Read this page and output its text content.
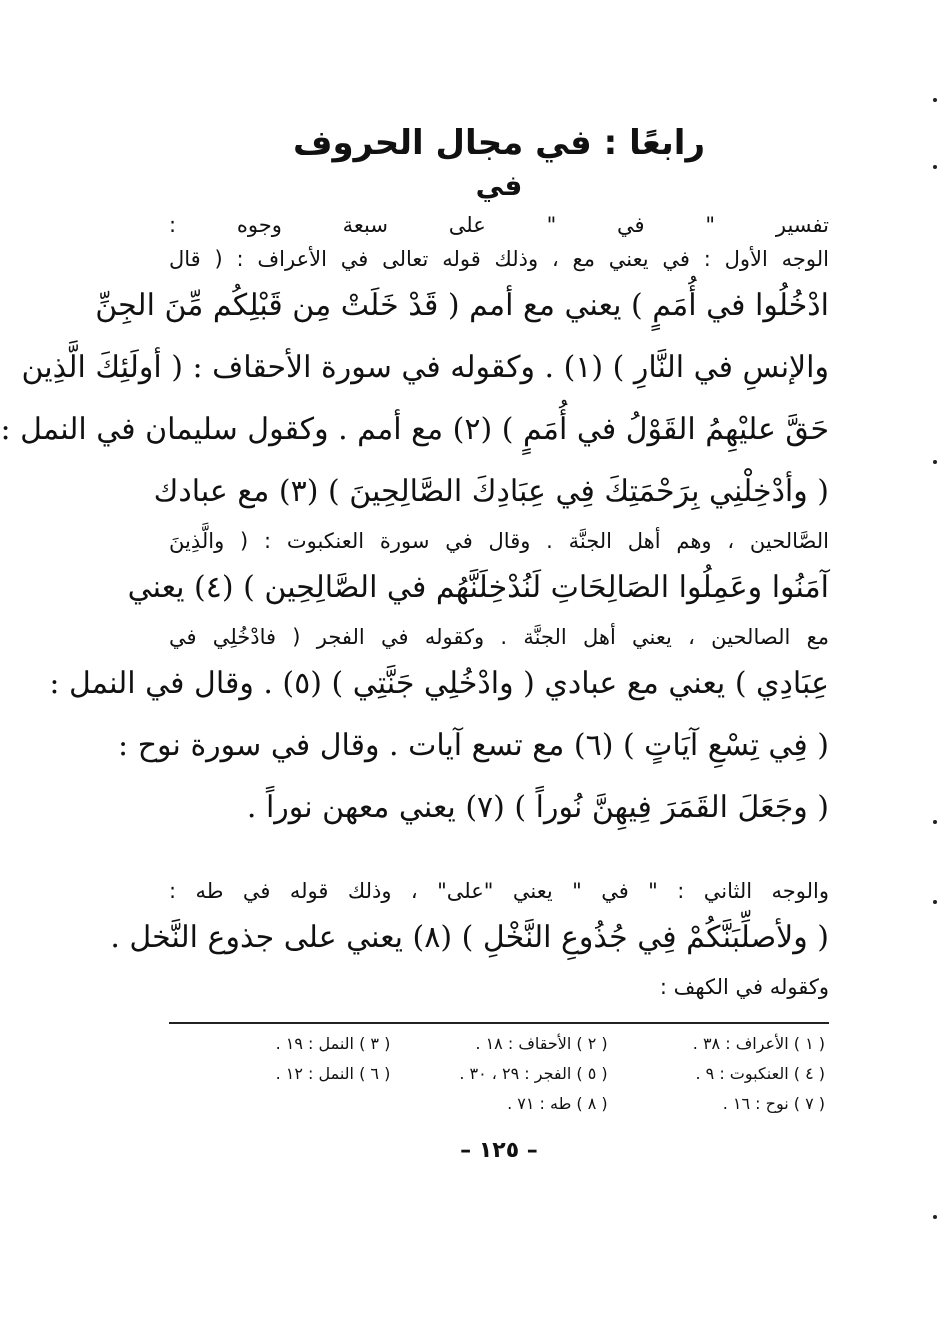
رابعًا : في مجال الحروف
في

تفسير " في " على سبعة وجوه :

الوجه الأول : في يعني مع ، وذلك قوله تعالى في الأعراف : ( قال

ادْخُلُوا في أُمَمٍ ) يعني مع أمم ( قَدْ خَلَتْ مِن قَبْلِكُم مِّنَ الجِنِّ

والإنسِ في النَّارِ ) (١) . وكقوله في سورة الأحقاف : ( أولَئِكَ الَّذِين

حَقَّ عليْهِمُ القَوْلُ في أُمَمٍ ) (٢) مع أمم . وكقول سليمان في النمل :

( وأدْخِلْنِي بِرَحْمَتِكَ فِي عِبَادِكَ الصَّالِحِينَ ) (٣) مع عبادك

الصَّالحين ، وهم أهل الجنَّة . وقال في سورة العنكبوت : ( والَّذِينَ

آمَنُوا وعَمِلُوا الصَالِحَاتِ لَنُدْخِلَنَّهُم في الصَّالِحِين ) (٤) يعني

مع الصالحين ، يعني أهل الجنَّة . وكقوله في الفجر ( فادْخُلِي في

عِبَادِي ) يعني مع عبادي ( وادْخُلِي جَنَّتِي ) (٥) . وقال في النمل :

( فِي تِسْعِ آيَاتٍ ) (٦) مع تسع آيات . وقال في سورة نوح :

( وجَعَلَ القَمَرَ فِيهِنَّ نُوراً ) (٧) يعني معهن نوراً .

والوجه الثاني : " في " يعني "على" ، وذلك قوله في طه :

( ولأصلِّبَنَّكُمْ فِي جُذُوعِ النَّخْلِ ) (٨) يعني على جذوع النَّخل .

وكقوله في الكهف :

( ١ ) الأعراف : ٣٨ .
( ٢ ) الأحقاف : ١٨ .
( ٣ ) النمل : ١٩ .
( ٤ ) العنكبوت : ٩ .
( ٥ ) الفجر : ٢٩ ، ٣٠ .
( ٦ ) النمل : ١٢ .
( ٧ ) نوح : ١٦ .
( ٨ ) طه : ٧١ .
– ١٢٥ –
